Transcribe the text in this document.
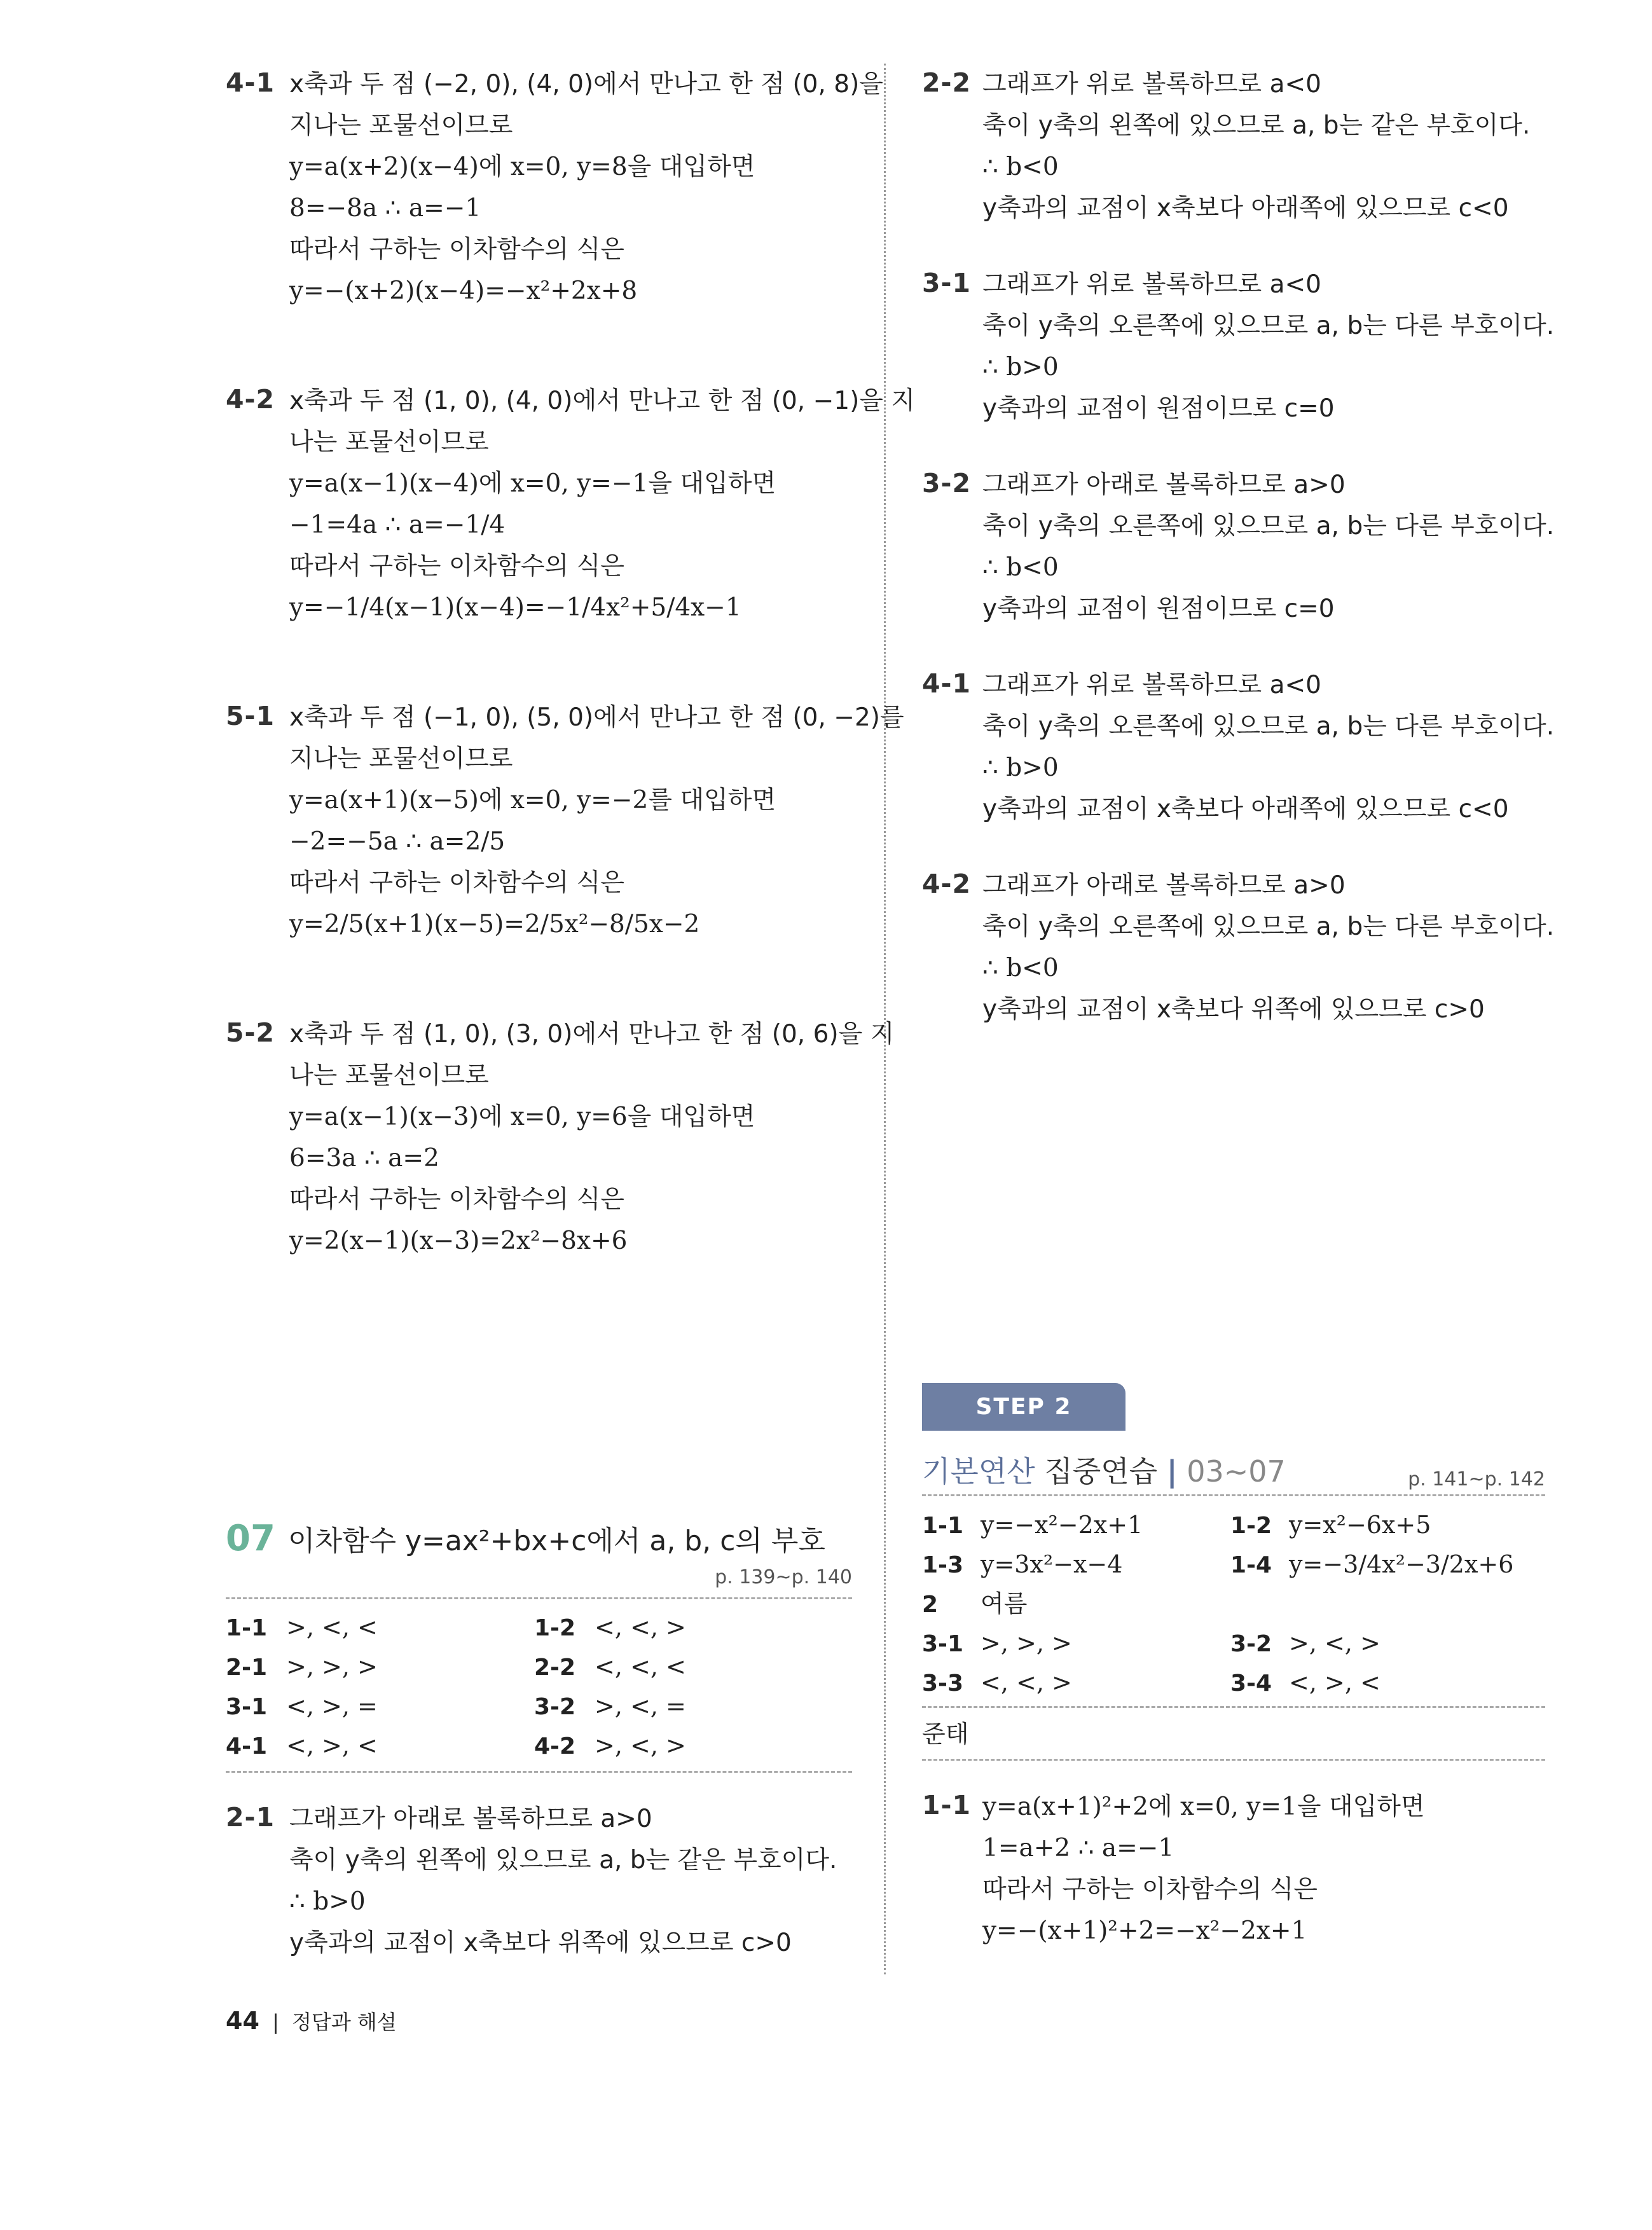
4-1 x축과 두 점 (−2, 0), (4, 0)에서 만나고 한 점 (0, 8)을
지나는 포물선이므로
y=a(x+2)(x−4)에 x=0, y=8을 대입하면
8=−8a ∴ a=−1
따라서 구하는 이차함수의 식은
y=−(x+2)(x−4)=−x²+2x+8
4-2 x축과 두 점 (1, 0), (4, 0)에서 만나고 한 점 (0, −1)을 지
나는 포물선이므로
y=a(x−1)(x−4)에 x=0, y=−1을 대입하면
−1=4a ∴ a=−1/4
따라서 구하는 이차함수의 식은
y=−1/4(x−1)(x−4)=−1/4x²+5/4x−1
5-1 x축과 두 점 (−1, 0), (5, 0)에서 만나고 한 점 (0, −2)를
지나는 포물선이므로
y=a(x+1)(x−5)에 x=0, y=−2를 대입하면
−2=−5a ∴ a=2/5
따라서 구하는 이차함수의 식은
y=2/5(x+1)(x−5)=2/5x²−8/5x−2
5-2 x축과 두 점 (1, 0), (3, 0)에서 만나고 한 점 (0, 6)을 지
나는 포물선이므로
y=a(x−1)(x−3)에 x=0, y=6을 대입하면
6=3a ∴ a=2
따라서 구하는 이차함수의 식은
y=2(x−1)(x−3)=2x²−8x+6
07 이차함수 y=ax²+bx+c에서 a, b, c의 부호
p. 139~p. 140
1-1 >, <, <	1-2 <, <, >
2-1 >, >, >	2-2 <, <, <
3-1 <, >, =	3-2 >, <, =
4-1 <, >, <	4-2 >, <, >
2-1 그래프가 아래로 볼록하므로 a>0
축이 y축의 왼쪽에 있으므로 a, b는 같은 부호이다.
∴ b>0
y축과의 교점이 x축보다 위쪽에 있으므로 c>0
2-2 그래프가 위로 볼록하므로 a<0
축이 y축의 왼쪽에 있으므로 a, b는 같은 부호이다.
∴ b<0
y축과의 교점이 x축보다 아래쪽에 있으므로 c<0
3-1 그래프가 위로 볼록하므로 a<0
축이 y축의 오른쪽에 있으므로 a, b는 다른 부호이다.
∴ b>0
y축과의 교점이 원점이므로 c=0
3-2 그래프가 아래로 볼록하므로 a>0
축이 y축의 오른쪽에 있으므로 a, b는 다른 부호이다.
∴ b<0
y축과의 교점이 원점이므로 c=0
4-1 그래프가 위로 볼록하므로 a<0
축이 y축의 오른쪽에 있으므로 a, b는 다른 부호이다.
∴ b>0
y축과의 교점이 x축보다 아래쪽에 있으므로 c<0
4-2 그래프가 아래로 볼록하므로 a>0
축이 y축의 오른쪽에 있으므로 a, b는 다른 부호이다.
∴ b<0
y축과의 교점이 x축보다 위쪽에 있으므로 c>0
STEP 2
기본연산 집중연습 | 03~07	p. 141~p. 142
1-1 y=−x²−2x+1	1-2 y=x²−6x+5
1-3 y=3x²−x−4	1-4 y=−3/4x²−3/2x+6
2 여름
3-1 >, >, >	3-2 >, <, >
3-3 <, <, >	3-4 <, >, <
준태
1-1 y=a(x+1)²+2에 x=0, y=1을 대입하면
1=a+2 ∴ a=−1
따라서 구하는 이차함수의 식은
y=−(x+1)²+2=−x²−2x+1
44 | 정답과 해설
